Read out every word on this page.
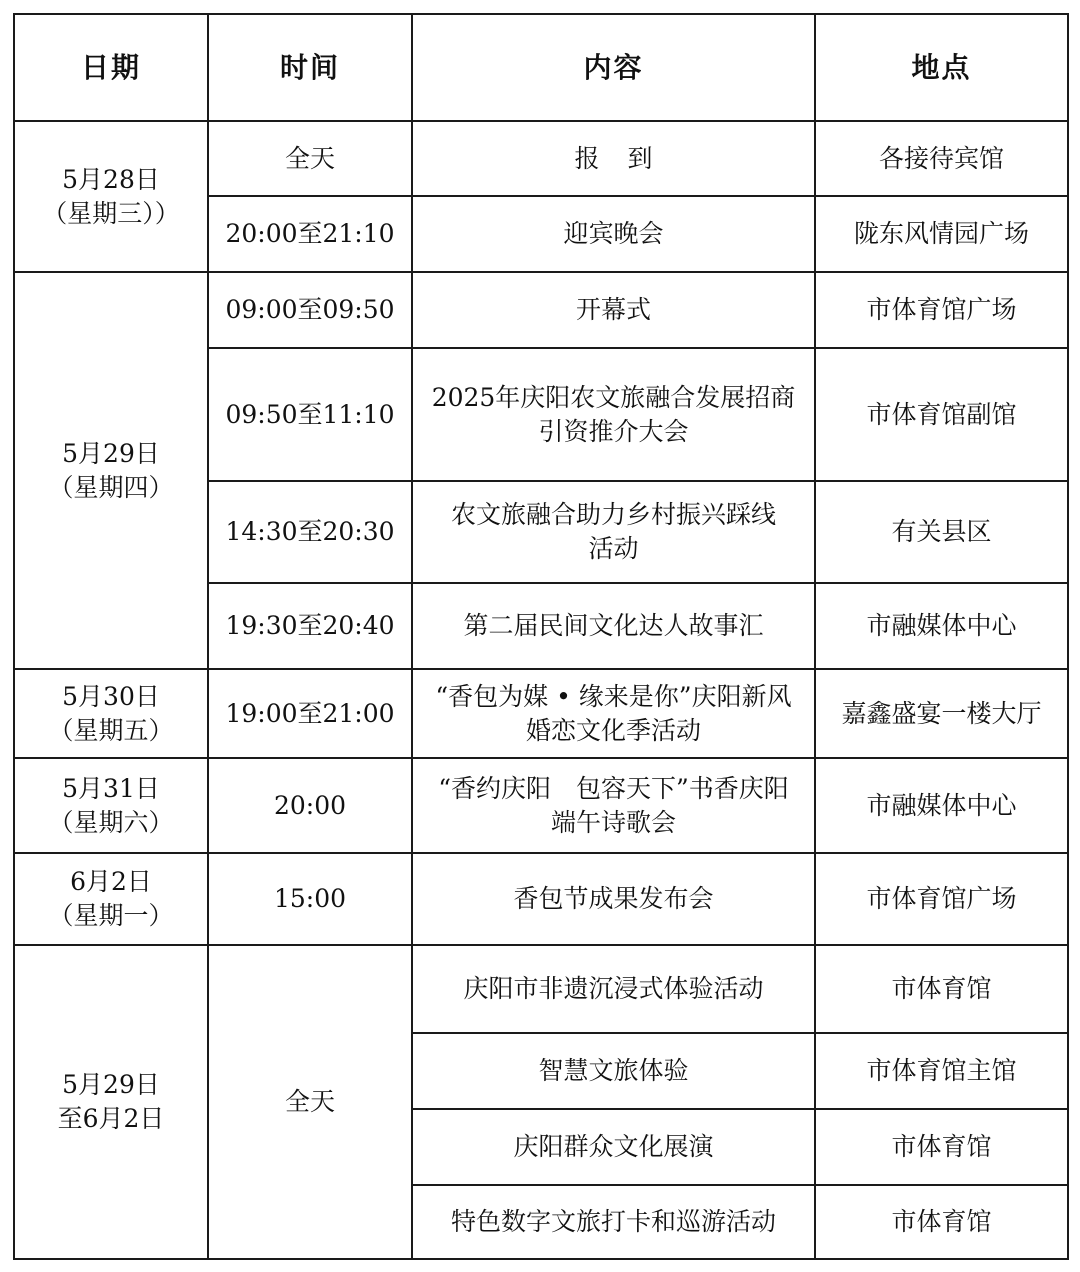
日期	时间	内容	地点

5月28日
（星期三））	全天	报到	各接待宾馆
	20:00至21:10	迎宾晚会	陇东风情园广场

5月29日
（星期四）	09:00至09:50	开幕式	市体育馆广场
	09:50至11:10	2025年庆阳农文旅融合发展招商
引资推介大会	市体育馆副馆
	14:30至20:30	农文旅融合助力乡村振兴踩线
活动	有关县区
	19:30至20:40	第二届民间文化达人故事汇	市融媒体中心

5月30日
（星期五）	19:00至21:00	“香包为媒 • 缘来是你”庆阳新风
婚恋文化季活动	嘉鑫盛宴一楼大厅

5月31日
（星期六）	20:00	“香约庆阳　包容天下”书香庆阳
端午诗歌会	市融媒体中心

6月2日
（星期一）	15:00	香包节成果发布会	市体育馆广场

5月29日
至6月2日	全天	庆阳市非遗沉浸式体验活动	市体育馆
		智慧文旅体验	市体育馆主馆
		庆阳群众文化展演	市体育馆
		特色数字文旅打卡和巡游活动	市体育馆
